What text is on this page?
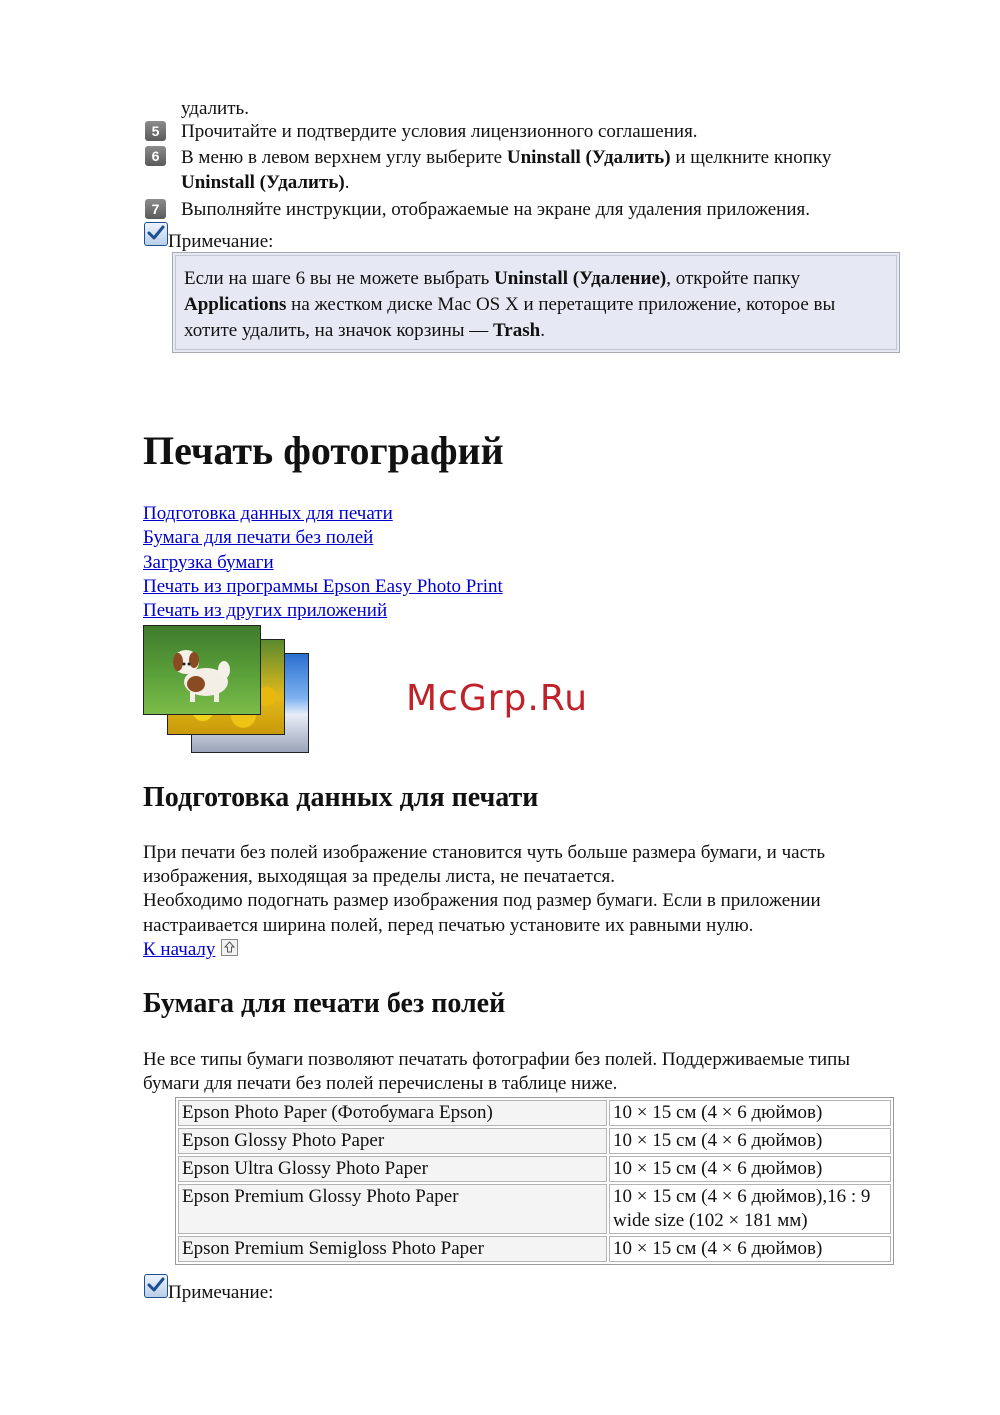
удалить.
5	Прочитайте и подтвердите условия лицензионного соглашения.
6	В меню в левом верхнем углу выберите Uninstall (Удалить) и щелкните кнопку
Uninstall (Удалить).
7	Выполняйте инструкции, отображаемые на экране для удаления приложения.
Примечание:
Если на шаге 6 вы не можете выбрать Uninstall (Удаление), откройте папку
Applications на жестком диске Mac OS X и перетащите приложение, которое вы
хотите удалить, на значок корзины — Trash.
Печать фотографий
Подготовка данных для печати
Бумага для печати без полей
Загрузка бумаги
Печать из программы Epson Easy Photo Print
Печать из других приложений
McGrp.Ru
Подготовка данных для печати
При печати без полей изображение становится чуть больше размера бумаги, и часть
изображения, выходящая за пределы листа, не печатается.
Необходимо подогнать размер изображения под размер бумаги. Если в приложении
настраивается ширина полей, перед печатью установите их равными нулю.
К началу
Бумага для печати без полей
Не все типы бумаги позволяют печатать фотографии без полей. Поддерживаемые типы
бумаги для печати без полей перечислены в таблице ниже.
Epson Photo Paper (Фотобумага Epson)	10 × 15 см (4 × 6 дюймов)
Epson Glossy Photo Paper	10 × 15 см (4 × 6 дюймов)
Epson Ultra Glossy Photo Paper	10 × 15 см (4 × 6 дюймов)
Epson Premium Glossy Photo Paper	10 × 15 см (4 × 6 дюймов),16 : 9
wide size (102 × 181 мм)

Epson Premium Semigloss Photo Paper	10 × 15 см (4 × 6 дюймов)
Примечание:
